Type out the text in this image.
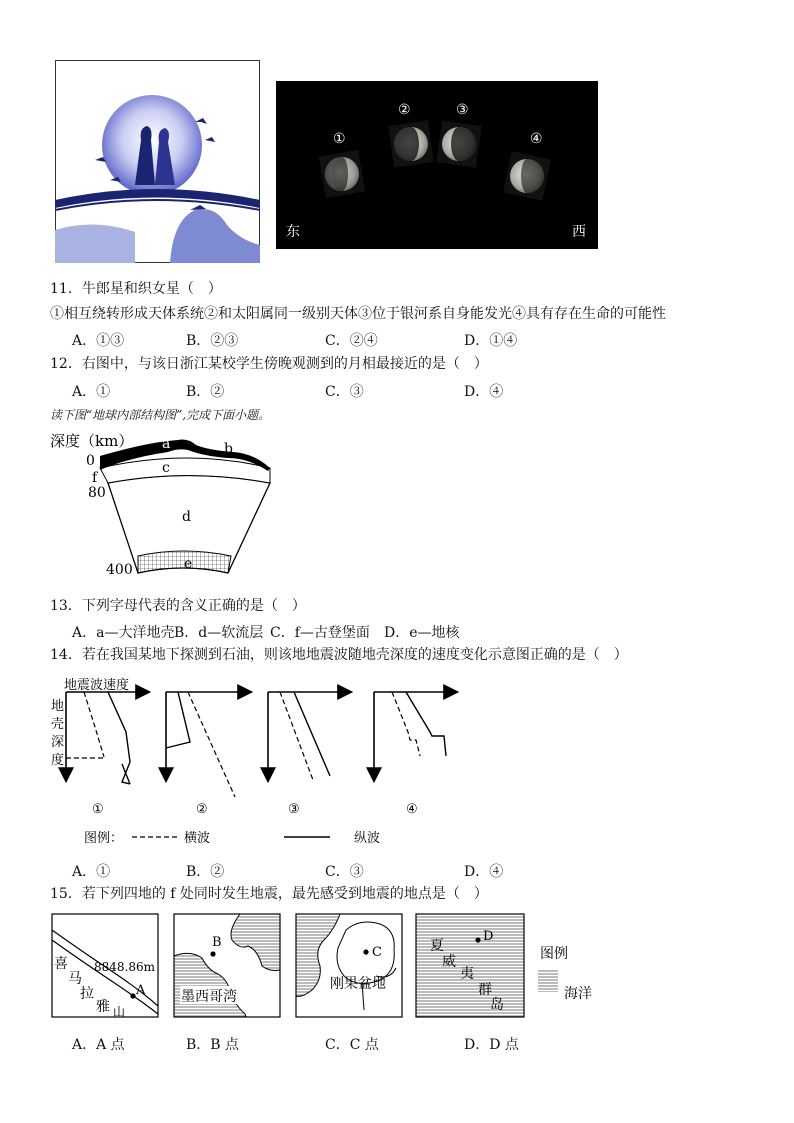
①
②	③
④
东	西
11．牛郎星和织女星（　）
①相互绕转形成天体系统②和太阳属同一级别天体③位于银河系自身能发光④具有存在生命的可能性
A．①③	B．②③	C．②④	D．①④
12．右图中，与该日浙江某校学生傍晚观测到的月相最接近的是（　）
A．①	B．②	C．③	D．④
读下图“地球内部结构图”,完成下面小题。
深度（km）
0
f
80
400
a	b
c
d
e
13．下列字母代表的含义正确的是（　）
A．a—大洋地壳 B．d—软流层 C．f—古登堡面 D．e—地核
14．若在我国某地下探测到石油，则该地地震波随地壳深度的速度变化示意图正确的是（　）
地震波速度
地
壳
深
度
①	②	③	④
图例：	横波	纵波
A．①	B．②	C．③	D．④
15．若下列四地的 f 处同时发生地震，最先感受到地震的地点是（　）
喜
马
拉
雅 山
8848.86m
A
B
墨西哥湾
C
刚果盆地
D
夏
威
夷
群
岛
图例
海洋
A．A 点	B．B 点	C．C 点	D．D 点
